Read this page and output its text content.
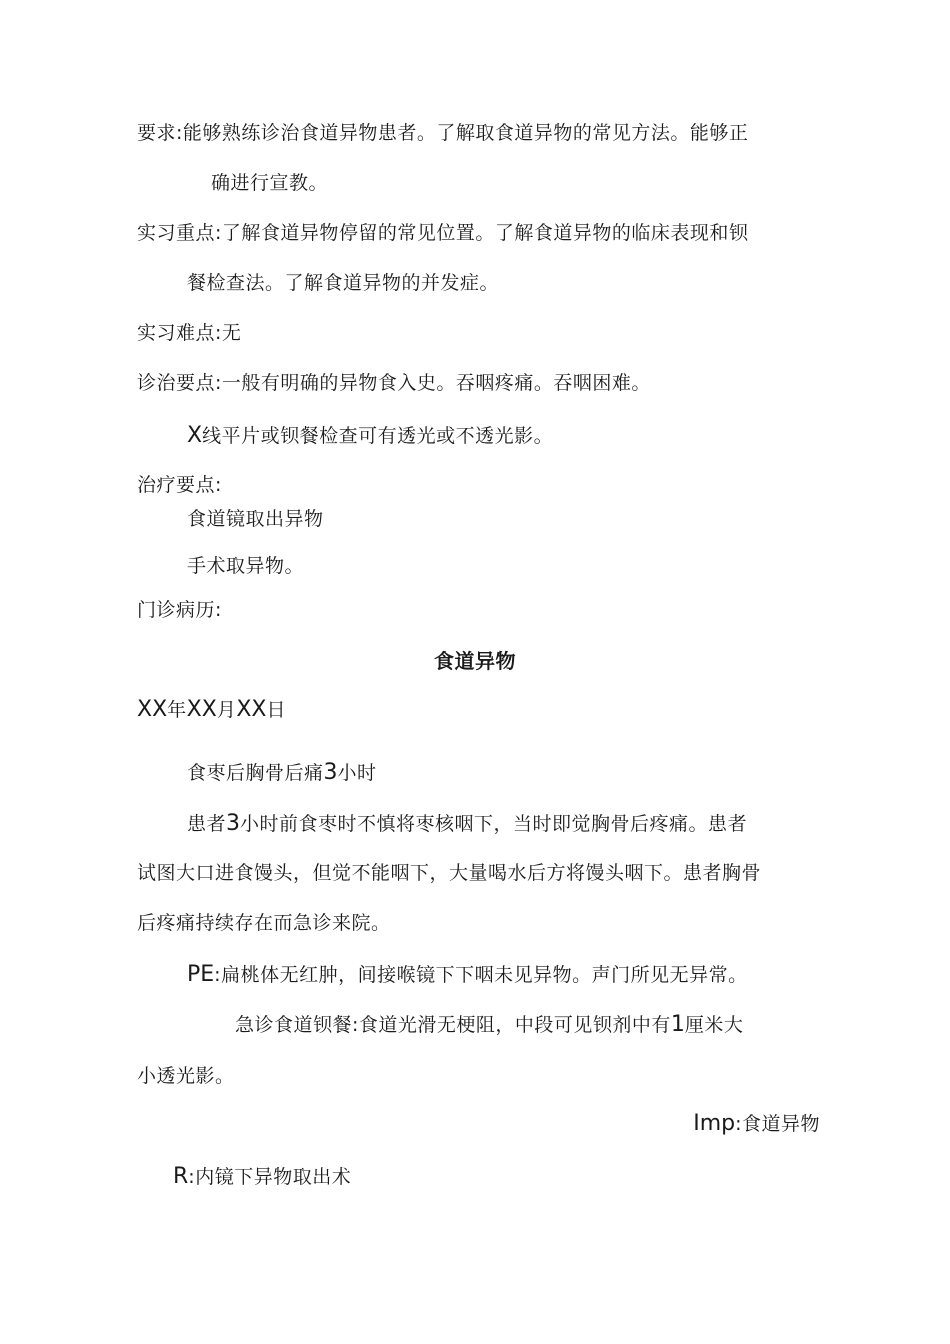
要求:能够熟练诊治食道异物患者。了解取食道异物的常见方法。能够正
确进行宣教。
实习重点:了解食道异物停留的常见位置。了解食道异物的临床表现和钡
餐检查法。了解食道异物的并发症。
实习难点:无
诊治要点:一般有明确的异物食入史。吞咽疼痛。吞咽困难。
X线平片或钡餐检查可有透光或不透光影。
治疗要点:
食道镜取出异物
手术取异物。
门诊病历:
食道异物
XX年XX月XX日
食枣后胸骨后痛3小时
患者3小时前食枣时不慎将枣核咽下，当时即觉胸骨后疼痛。患者
试图大口进食馒头，但觉不能咽下，大量喝水后方将馒头咽下。患者胸骨
后疼痛持续存在而急诊来院。
PE:扁桃体无红肿，间接喉镜下下咽未见异物。声门所见无异常。
急诊食道钡餐:食道光滑无梗阻，中段可见钡剂中有1厘米大
小透光影。
Imp:食道异物
R:内镜下异物取出术
